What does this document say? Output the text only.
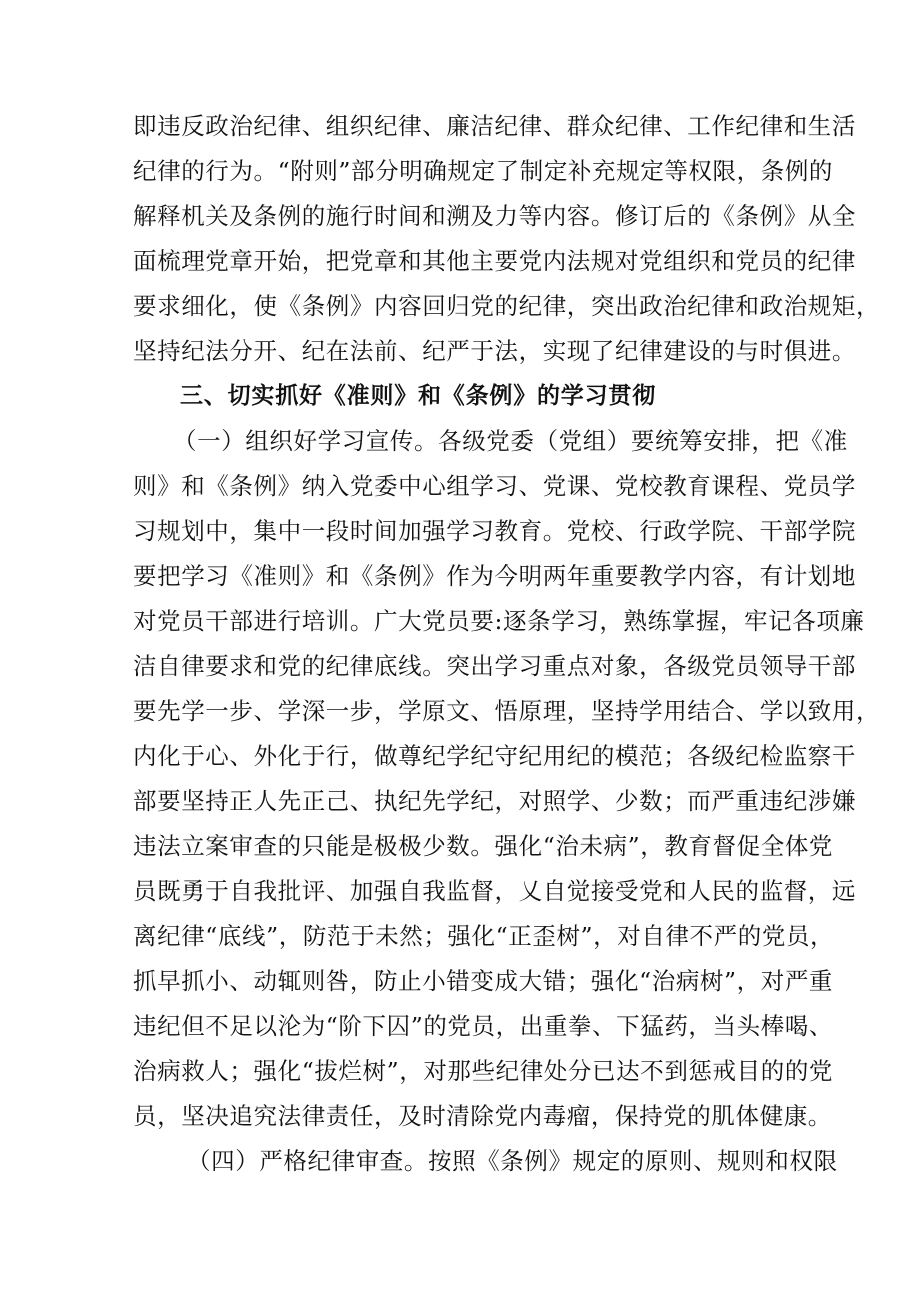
即违反政治纪律、组织纪律、廉洁纪律、群众纪律、工作纪律和生活
纪律的行为。“附则”部分明确规定了制定补充规定等权限，条例的
解释机关及条例的施行时间和溯及力等内容。修订后的《条例》从全
面梳理党章开始，把党章和其他主要党内法规对党组织和党员的纪律
要求细化，使《条例》内容回归党的纪律，突出政治纪律和政治规矩，
坚持纪法分开、纪在法前、纪严于法，实现了纪律建设的与时俱进。
三、切实抓好《准则》和《条例》的学习贯彻
（一）组织好学习宣传。各级党委（党组）要统筹安排，把《准
则》和《条例》纳入党委中心组学习、党课、党校教育课程、党员学
习规划中，集中一段时间加强学习教育。党校、行政学院、干部学院
要把学习《准则》和《条例》作为今明两年重要教学内容，有计划地
对党员干部进行培训。广大党员要:逐条学习，熟练掌握，牢记各项廉
洁自律要求和党的纪律底线。突出学习重点对象，各级党员领导干部
要先学一步、学深一步，学原文、悟原理，坚持学用结合、学以致用，
内化于心、外化于行，做尊纪学纪守纪用纪的模范；各级纪检监察干
部要坚持正人先正己、执纪先学纪，对照学、少数；而严重违纪涉嫌
违法立案审查的只能是极极少数。强化“治未病”，教育督促全体党
员既勇于自我批评、加强自我监督，乂自觉接受党和人民的监督，远
离纪律“底线”，防范于未然；强化“正歪树”，对自律不严的党员，
抓早抓小、动辄则咎，防止小错变成大错；强化“治病树”，对严重
违纪但不足以沦为“阶下囚”的党员，出重拳、下猛药，当头棒喝、
治病救人；强化“拔烂树”，对那些纪律处分已达不到惩戒目的的党
员，坚决追究法律责任，及时清除党内毒瘤，保持党的肌体健康。
（四）严格纪律审查。按照《条例》规定的原则、规则和权限
